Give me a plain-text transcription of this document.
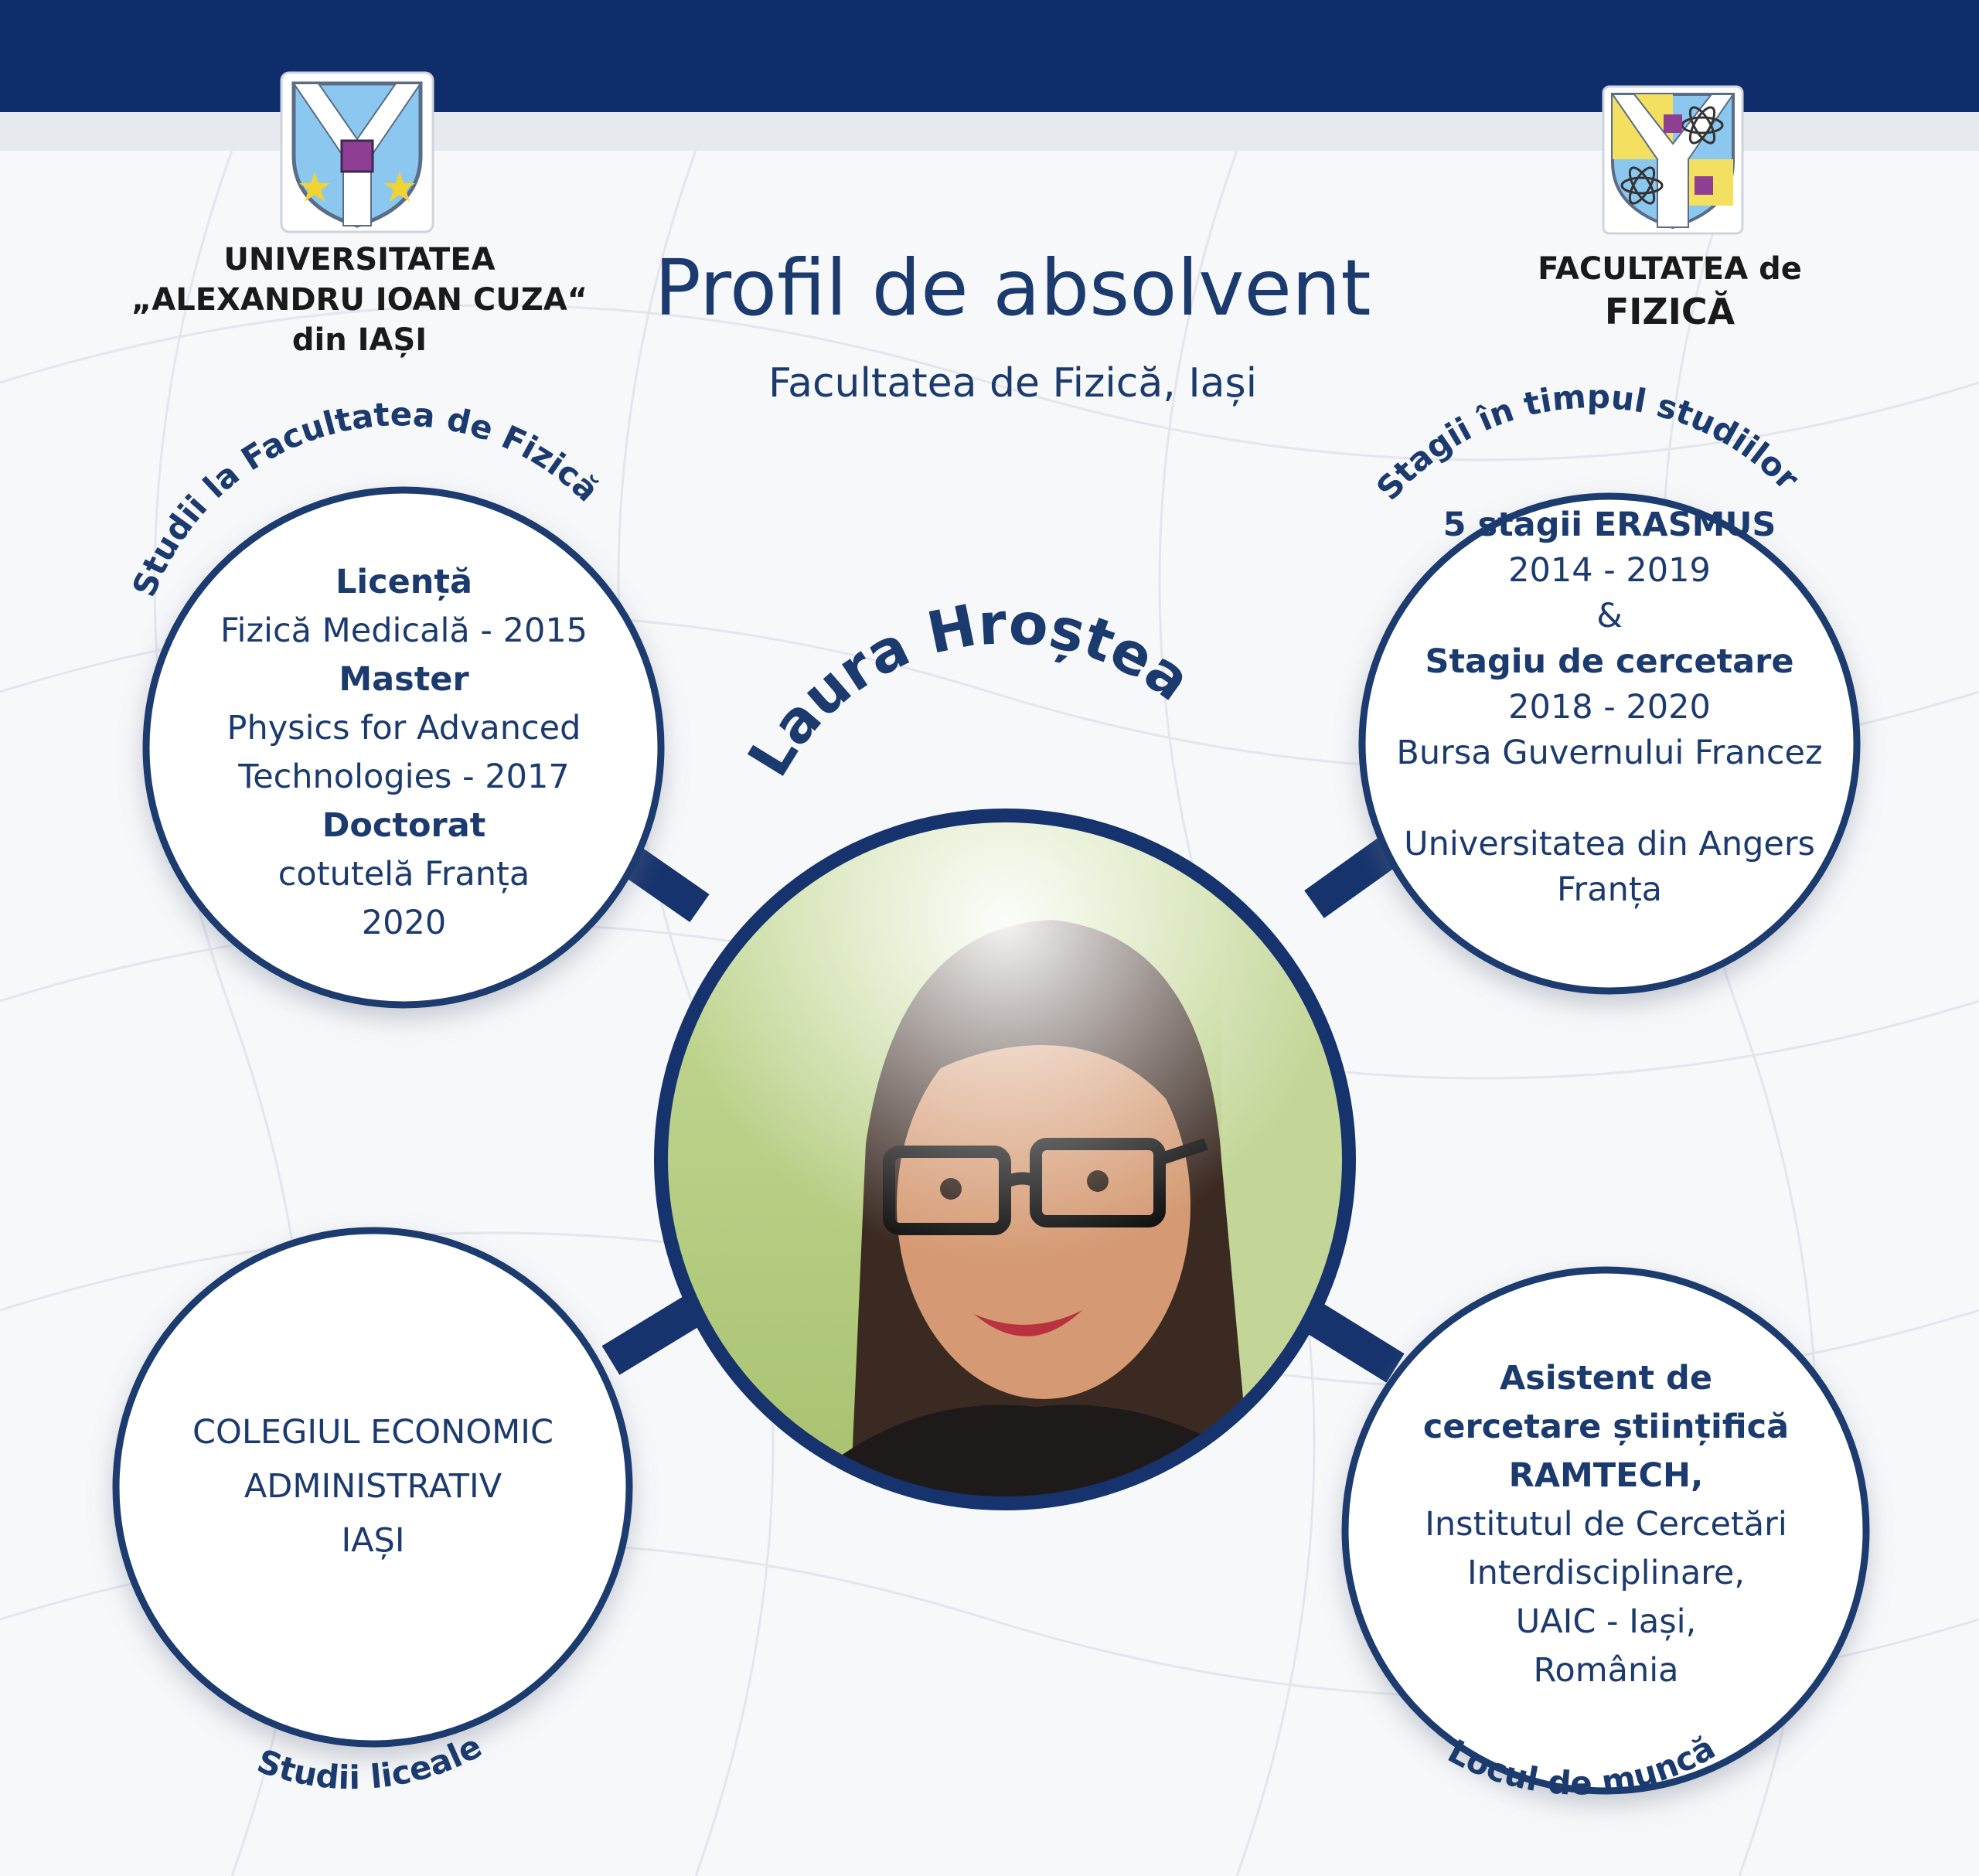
UNIVERSITATEA
„ALEXANDRU IOAN CUZA“
din IAȘI
FACULTATEA de
FIZICĂ
Profil de absolvent
Facultatea de Fizică, Iași
Studii la Facultatea de Fizică	Stagii în timpul studiilor
Studii liceale	Locul de muncă
Laura Hroștea
Licență
Fizică Medicală - 2015
Master
Physics for Advanced
Technologies - 2017
Doctorat
cotutelă Franța
2020
5 stagii ERASMUS
2014 - 2019
&
Stagiu de cercetare
2018 - 2020
Bursa Guvernului Francez
Universitatea din Angers
Franța
COLEGIUL ECONOMIC
ADMINISTRATIV
IAȘI
Asistent de
cercetare științifică
RAMTECH,
Institutul de Cercetări
Interdisciplinare,
UAIC - Iași,
România
